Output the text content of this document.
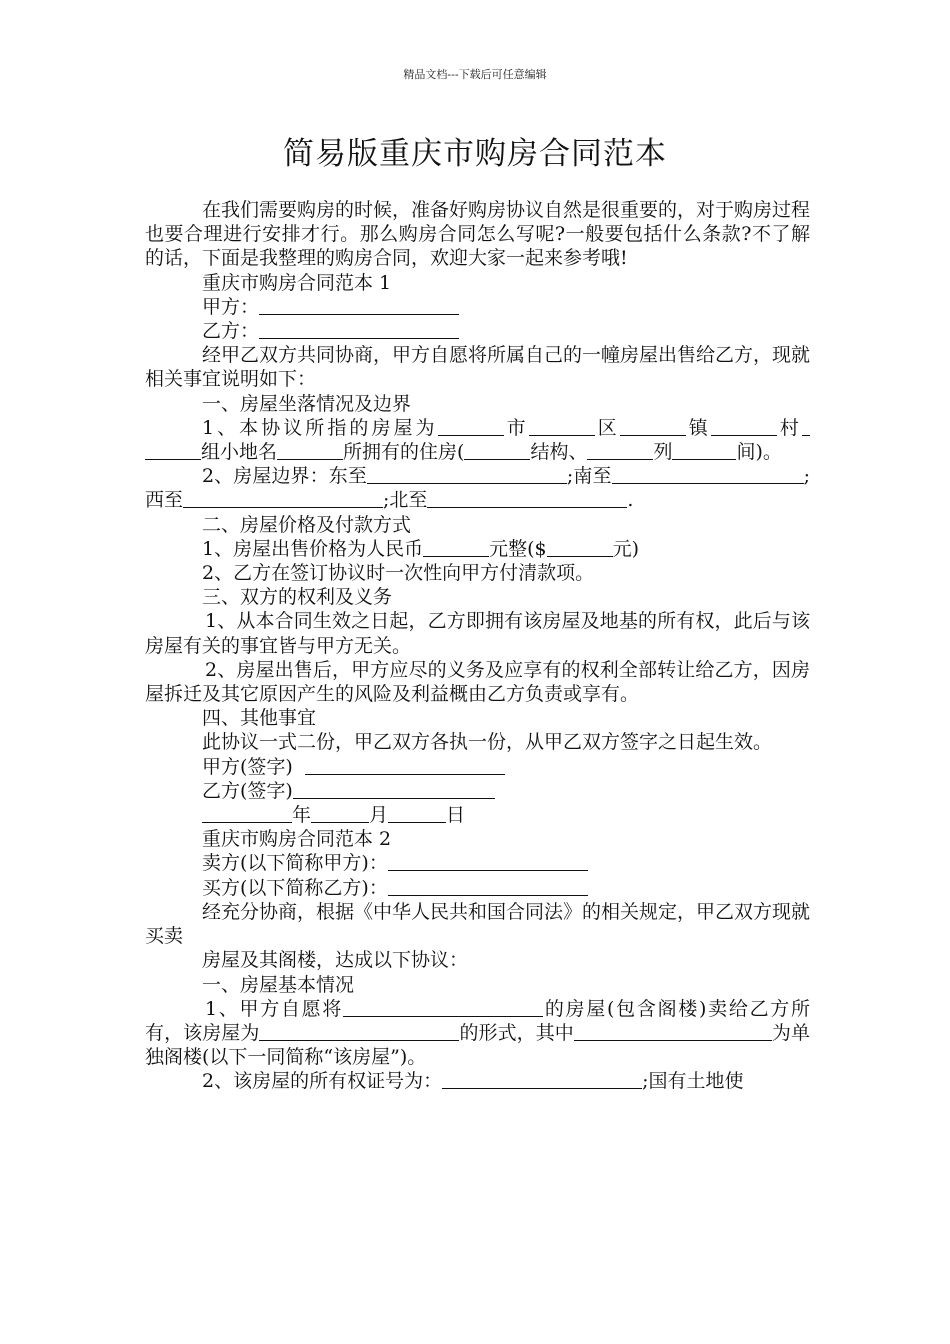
精品文档---下载后可任意编辑
简易版重庆市购房合同范本

在我们需要购房的时候，准备好购房协议自然是很重要的，对于购房过程也要合理进行安排才行。那么购房合同怎么写呢?一般要包括什么条款?不了解的话，下面是我整理的购房合同，欢迎大家一起来参考哦!

重庆市购房合同范本 1

甲方：

乙方：

经甲乙双方共同协商，甲方自愿将所属自己的一幢房屋出售给乙方，现就相关事宜说明如下：

一、房屋坐落情况及边界

1、本协议所指的房屋为	市	区	镇	村 组小地名	所拥有的住房(	结构、	列	间)。

2、房屋边界：东至	;南至	;西至	;北至	.

二、房屋价格及付款方式

1、房屋出售价格为人民币	元整($	元)

2、乙方在签订协议时一次性向甲方付清款项。

三、双方的权利及义务

1、从本合同生效之日起，乙方即拥有该房屋及地基的所有权，此后与该房屋有关的事宜皆与甲方无关。

2、房屋出售后，甲方应尽的义务及应享有的权利全部转让给乙方，因房屋拆迁及其它原因产生的风险及利益概由乙方负责或享有。

四、其他事宜

此协议一式二份，甲乙双方各执一份，从甲乙双方签字之日起生效。

甲方(签字)

乙方(签字)

年	月	日

重庆市购房合同范本 2

卖方(以下简称甲方)：

买方(以下简称乙方)：

经充分协商，根据《中华人民共和国合同法》的相关规定，甲乙双方现就买卖

房屋及其阁楼，达成以下协议：

一、房屋基本情况

1、甲方自愿将	的房屋(包含阁楼)卖给乙方所有，该房屋为	的形式，其中	为单独阁楼(以下一同简称“该房屋”)。

2、该房屋的所有权证号为：	;国有土地使
